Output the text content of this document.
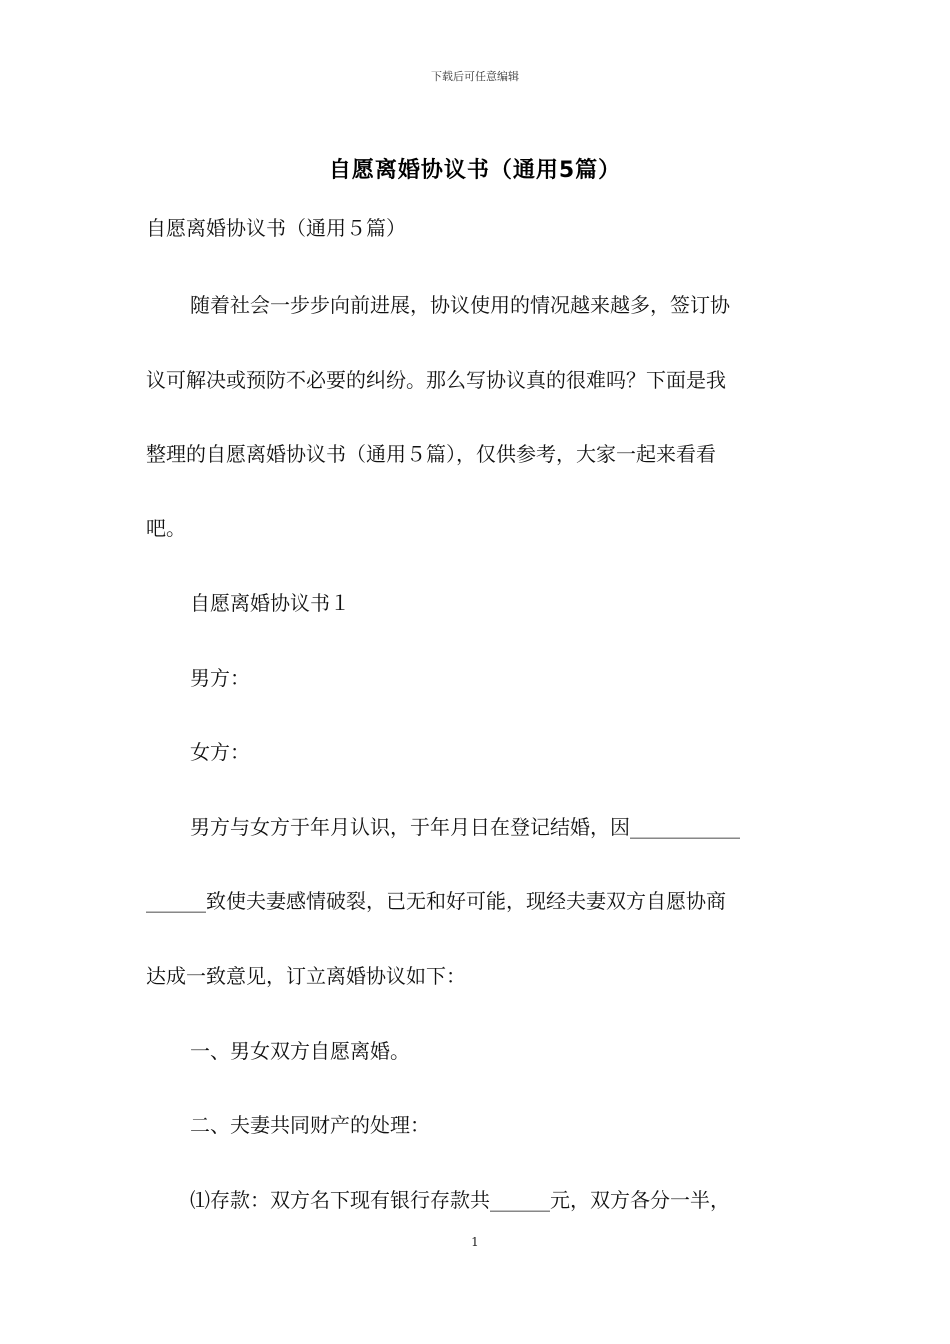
下载后可任意编辑
自愿离婚协议书（通用5篇）
自愿离婚协议书（通用５篇）
随着社会一步步向前进展，协议使用的情况越来越多，签订协
议可解决或预防不必要的纠纷。那么写协议真的很难吗？下面是我
整理的自愿离婚协议书（通用５篇），仅供参考，大家一起来看看
吧。
自愿离婚协议书１
男方：
女方：
男方与女方于年月认识，于年月日在登记结婚，因___________
______致使夫妻感情破裂，已无和好可能，现经夫妻双方自愿协商
达成一致意见，订立离婚协议如下：
一、男女双方自愿离婚。
二、夫妻共同财产的处理：
⑴存款：双方名下现有银行存款共______元，双方各分一半，
1
